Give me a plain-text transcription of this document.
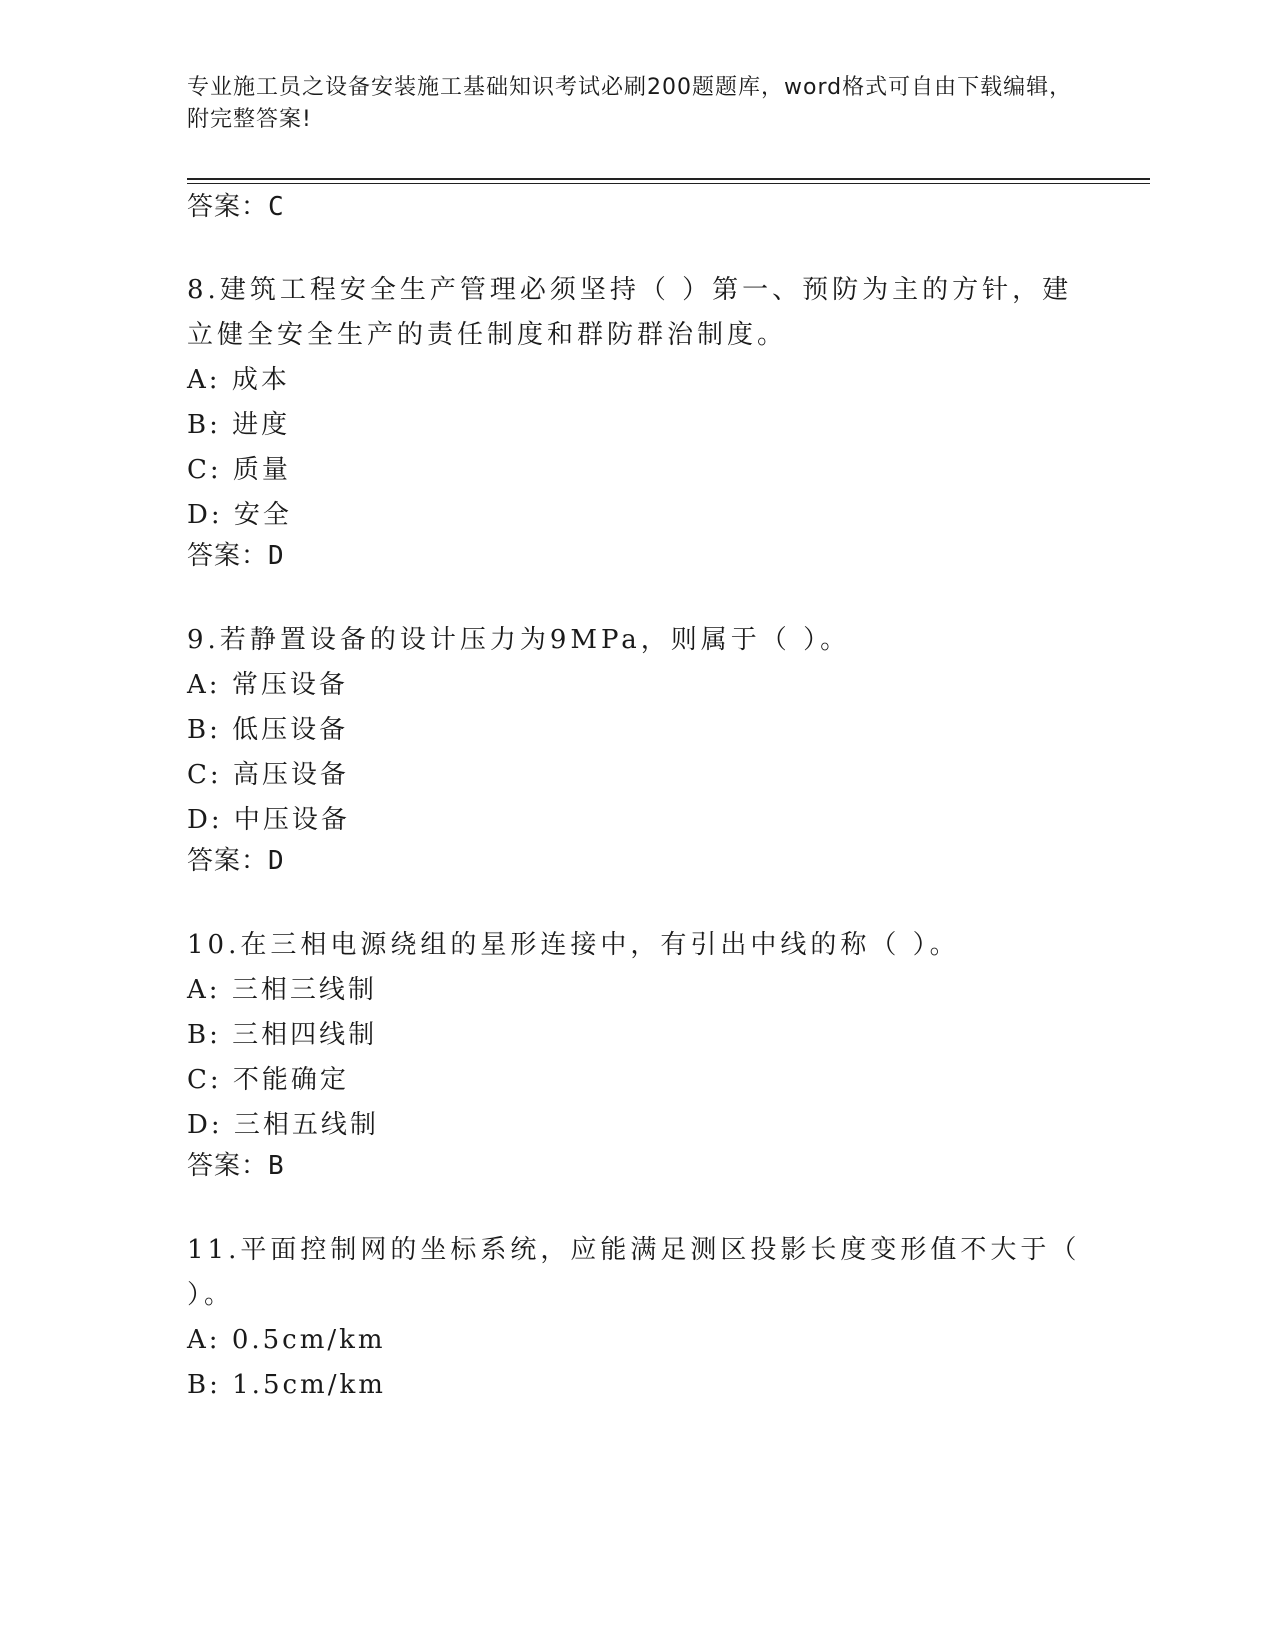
专业施工员之设备安装施工基础知识考试必刷200题题库，word格式可自由下载编辑，附完整答案!
答案：C

8.建筑工程安全生产管理必须坚持（ ）第一、预防为主的方针，建立健全安全生产的责任制度和群防群治制度。

A: 成本
B: 进度
C: 质量
D: 安全
答案：D

9.若静置设备的设计压力为9MPa，则属于（ ）。

A: 常压设备
B: 低压设备
C: 高压设备
D: 中压设备
答案：D

10.在三相电源绕组的星形连接中，有引出中线的称（ ）。

A: 三相三线制
B: 三相四线制
C: 不能确定
D: 三相五线制
答案：B

11.平面控制网的坐标系统，应能满足测区投影长度变形值不大于（ ）。

A: 0.5cm/km
B: 1.5cm/km
